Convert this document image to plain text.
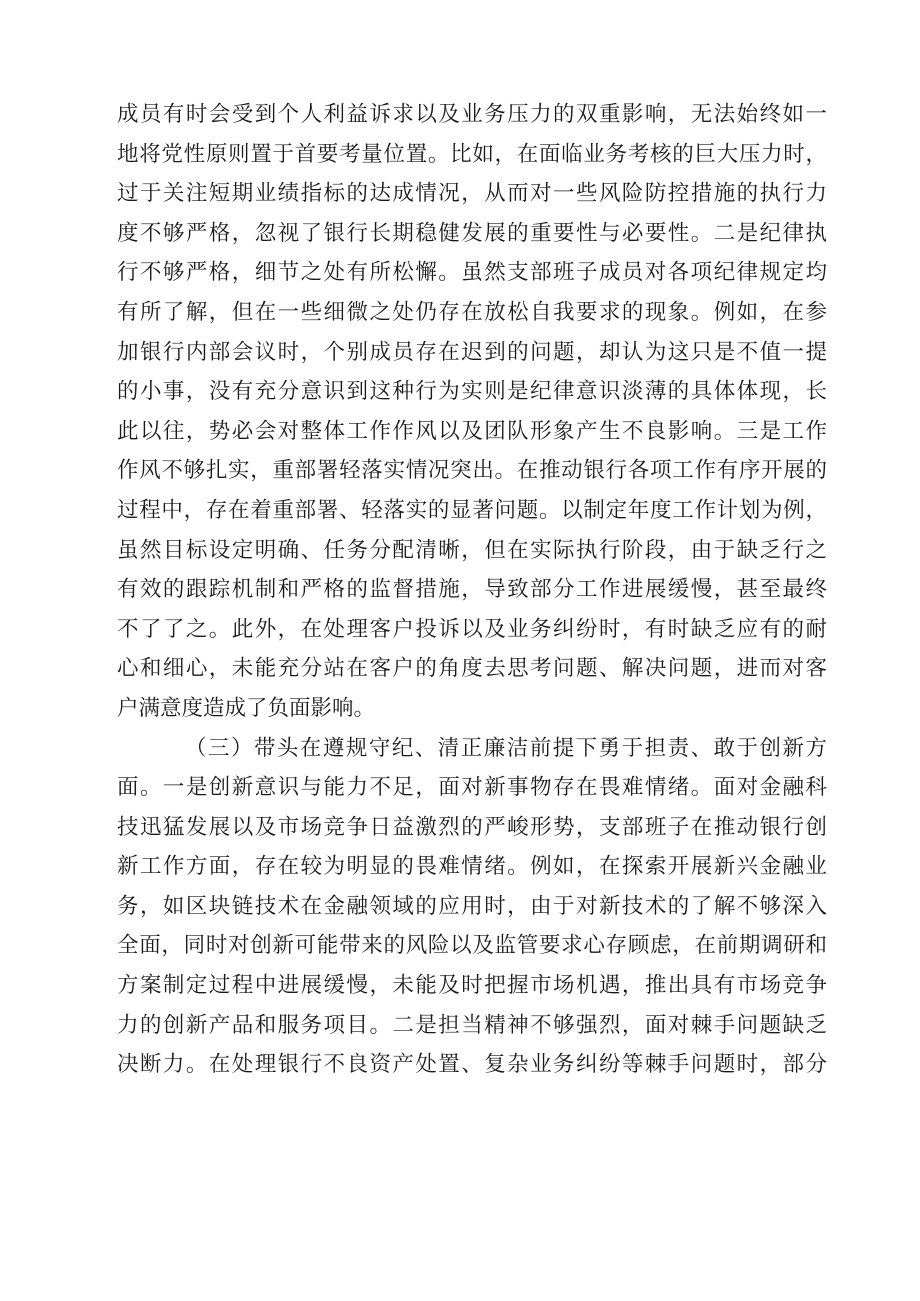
成员有时会受到个人利益诉求以及业务压力的双重影响，无法始终如一
地将党性原则置于首要考量位置。比如，在面临业务考核的巨大压力时，
过于关注短期业绩指标的达成情况，从而对一些风险防控措施的执行力
度不够严格，忽视了银行长期稳健发展的重要性与必要性。二是纪律执
行不够严格，细节之处有所松懈。虽然支部班子成员对各项纪律规定均
有所了解，但在一些细微之处仍存在放松自我要求的现象。例如，在参
加银行内部会议时，个别成员存在迟到的问题，却认为这只是不值一提
的小事，没有充分意识到这种行为实则是纪律意识淡薄的具体体现，长
此以往，势必会对整体工作作风以及团队形象产生不良影响。三是工作
作风不够扎实，重部署轻落实情况突出。在推动银行各项工作有序开展的
过程中，存在着重部署、轻落实的显著问题。以制定年度工作计划为例，
虽然目标设定明确、任务分配清晰，但在实际执行阶段，由于缺乏行之
有效的跟踪机制和严格的监督措施，导致部分工作进展缓慢，甚至最终
不了了之。此外，在处理客户投诉以及业务纠纷时，有时缺乏应有的耐
心和细心，未能充分站在客户的角度去思考问题、解决问题，进而对客
户满意度造成了负面影响。
（三）带头在遵规守纪、清正廉洁前提下勇于担责、敢于创新方
面。一是创新意识与能力不足，面对新事物存在畏难情绪。面对金融科
技迅猛发展以及市场竞争日益激烈的严峻形势，支部班子在推动银行创
新工作方面，存在较为明显的畏难情绪。例如，在探索开展新兴金融业
务，如区块链技术在金融领域的应用时，由于对新技术的了解不够深入
全面，同时对创新可能带来的风险以及监管要求心存顾虑，在前期调研和
方案制定过程中进展缓慢，未能及时把握市场机遇，推出具有市场竞争
力的创新产品和服务项目。二是担当精神不够强烈，面对棘手问题缺乏
决断力。在处理银行不良资产处置、复杂业务纠纷等棘手问题时，部分
